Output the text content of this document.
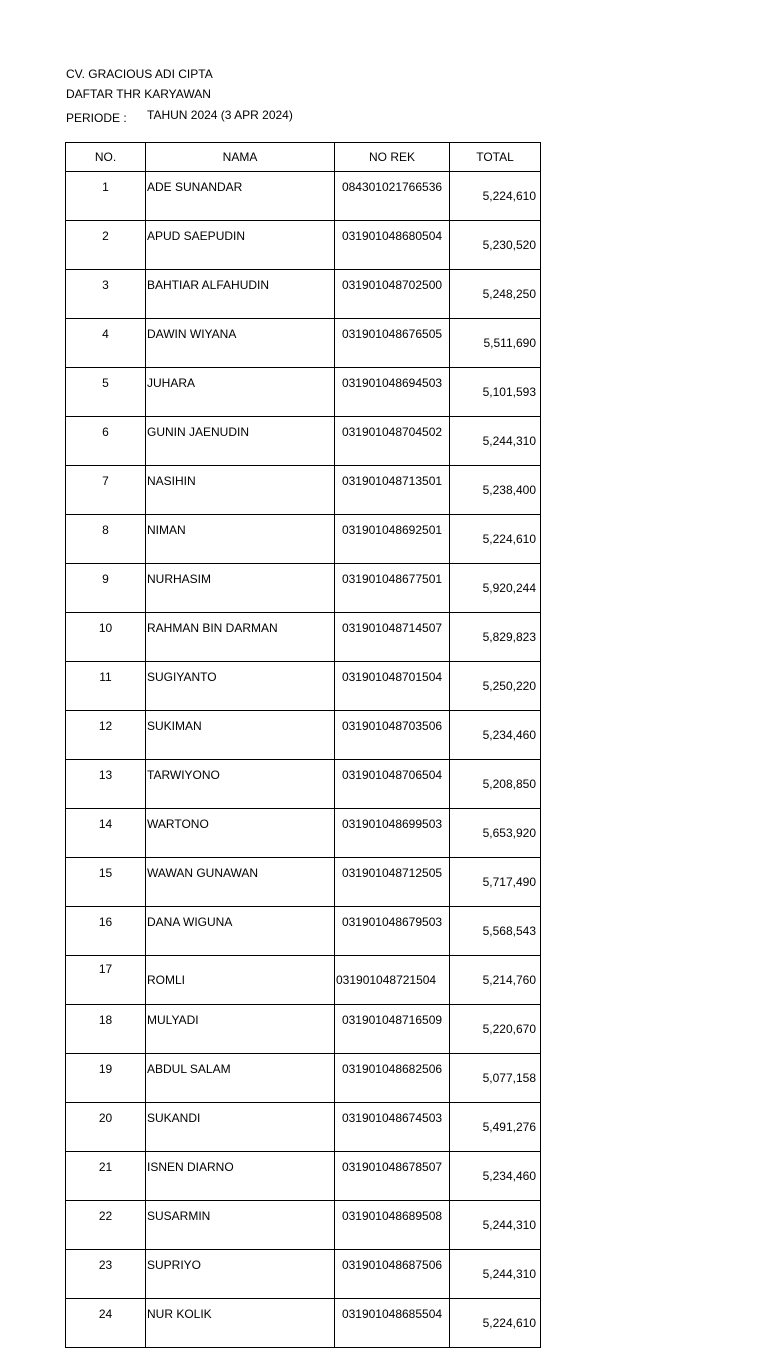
CV. GRACIOUS ADI CIPTA
DAFTAR THR KARYAWAN
PERIODE : TAHUN 2024 (3 APR 2024)
NO.	NAMA	NO REK	TOTAL
1	ADE SUNANDAR	084301021766536	5,224,610
2	APUD SAEPUDIN	031901048680504	5,230,520
3	BAHTIAR ALFAHUDIN	031901048702500	5,248,250
4	DAWIN WIYANA	031901048676505	5,511,690
5	JUHARA	031901048694503	5,101,593
6	GUNIN JAENUDIN	031901048704502	5,244,310
7	NASIHIN	031901048713501	5,238,400
8	NIMAN	031901048692501	5,224,610
9	NURHASIM	031901048677501	5,920,244
10	RAHMAN BIN DARMAN	031901048714507	5,829,823
11	SUGIYANTO	031901048701504	5,250,220
12	SUKIMAN	031901048703506	5,234,460
13	TARWIYONO	031901048706504	5,208,850
14	WARTONO	031901048699503	5,653,920
15	WAWAN GUNAWAN	031901048712505	5,717,490
16	DANA WIGUNA	031901048679503	5,568,543
17	ROMLI	031901048721504	5,214,760
18	MULYADI	031901048716509	5,220,670
19	ABDUL SALAM	031901048682506	5,077,158
20	SUKANDI	031901048674503	5,491,276
21	ISNEN DIARNO	031901048678507	5,234,460
22	SUSARMIN	031901048689508	5,244,310
23	SUPRIYO	031901048687506	5,244,310
24	NUR KOLIK	031901048685504	5,224,610
